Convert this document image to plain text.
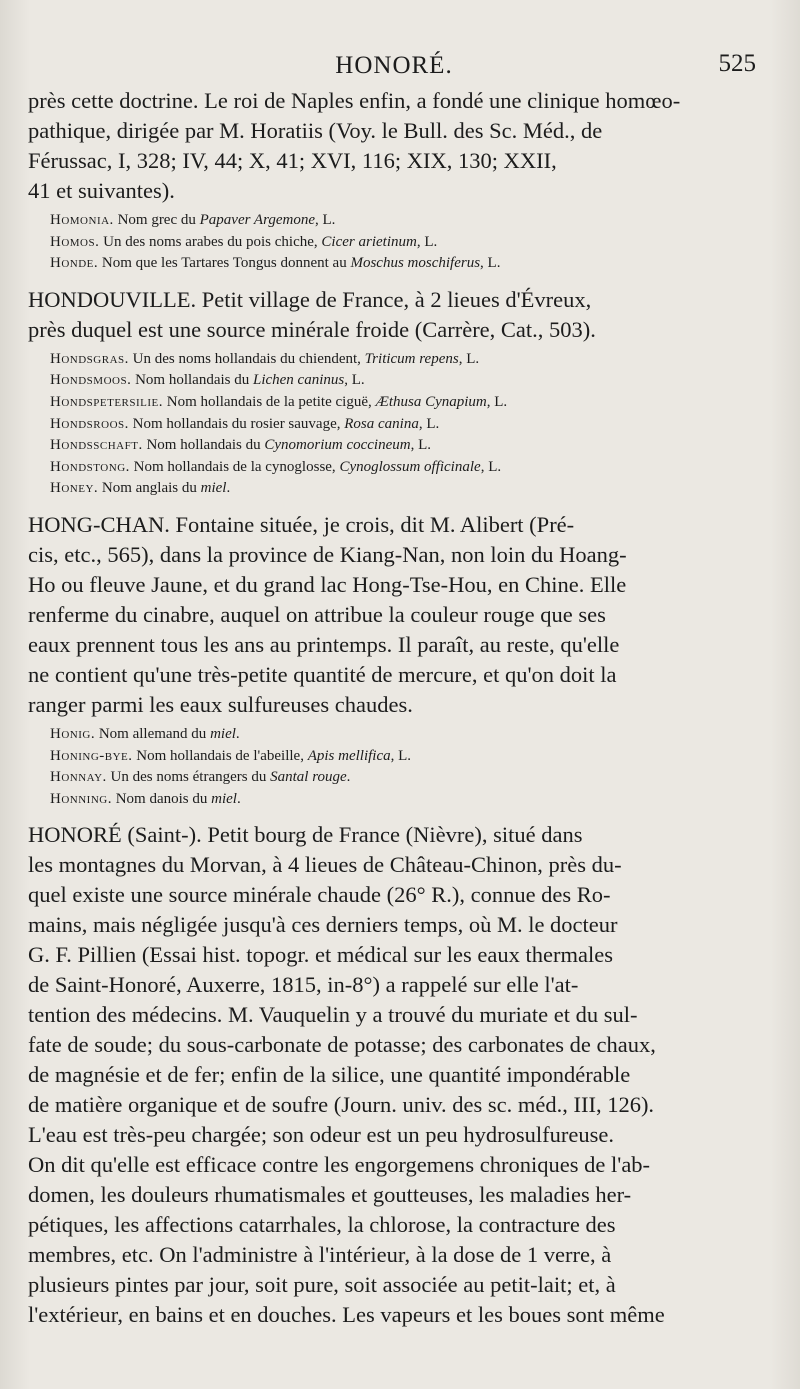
HONORÉ.	525
près cette doctrine. Le roi de Naples enfin, a fondé une clinique homœo-
pathique, dirigée par M. Horatiis (Voy. le Bull. des Sc. Méd., de
Férussac, I, 328; IV, 44; X, 41; XVI, 116; XIX, 130; XXII,
41 et suivantes).
Homonia. Nom grec du Papaver Argemone, L.
Homos. Un des noms arabes du pois chiche, Cicer arietinum, L.
Honde. Nom que les Tartares Tongus donnent au Moschus moschiferus, L.
HONDOUVILLE. Petit village de France, à 2 lieues d'Évreux,
près duquel est une source minérale froide (Carrère, Cat., 503).
Hondsgras. Un des noms hollandais du chiendent, Triticum repens, L.
Hondsmoos. Nom hollandais du Lichen caninus, L.
Hondspetersilie. Nom hollandais de la petite ciguë, Æthusa Cynapium, L.
Hondsroos. Nom hollandais du rosier sauvage, Rosa canina, L.
Hondsschaft. Nom hollandais du Cynomorium coccineum, L.
Hondstong. Nom hollandais de la cynoglosse, Cynoglossum officinale, L.
Honey. Nom anglais du miel.
HONG-CHAN. Fontaine située, je crois, dit M. Alibert (Pré-
cis, etc., 565), dans la province de Kiang-Nan, non loin du Hoang-
Ho ou fleuve Jaune, et du grand lac Hong-Tse-Hou, en Chine. Elle
renferme du cinabre, auquel on attribue la couleur rouge que ses
eaux prennent tous les ans au printemps. Il paraît, au reste, qu'elle
ne contient qu'une très-petite quantité de mercure, et qu'on doit la
ranger parmi les eaux sulfureuses chaudes.
Honig. Nom allemand du miel.
Honing-bye. Nom hollandais de l'abeille, Apis mellifica, L.
Honnay. Un des noms étrangers du Santal rouge.
Honning. Nom danois du miel.
HONORÉ (Saint-). Petit bourg de France (Nièvre), situé dans
les montagnes du Morvan, à 4 lieues de Château-Chinon, près du-
quel existe une source minérale chaude (26° R.), connue des Ro-
mains, mais négligée jusqu'à ces derniers temps, où M. le docteur
G. F. Pillien (Essai hist. topogr. et médical sur les eaux thermales
de Saint-Honoré, Auxerre, 1815, in-8°) a rappelé sur elle l'at-
tention des médecins. M. Vauquelin y a trouvé du muriate et du sul-
fate de soude; du sous-carbonate de potasse; des carbonates de chaux,
de magnésie et de fer; enfin de la silice, une quantité impondérable
de matière organique et de soufre (Journ. univ. des sc. méd., III, 126).
L'eau est très-peu chargée; son odeur est un peu hydrosulfureuse.
On dit qu'elle est efficace contre les engorgemens chroniques de l'ab-
domen, les douleurs rhumatismales et goutteuses, les maladies her-
pétiques, les affections catarrhales, la chlorose, la contracture des
membres, etc. On l'administre à l'intérieur, à la dose de 1 verre, à
plusieurs pintes par jour, soit pure, soit associée au petit-lait; et, à
l'extérieur, en bains et en douches. Les vapeurs et les boues sont même
